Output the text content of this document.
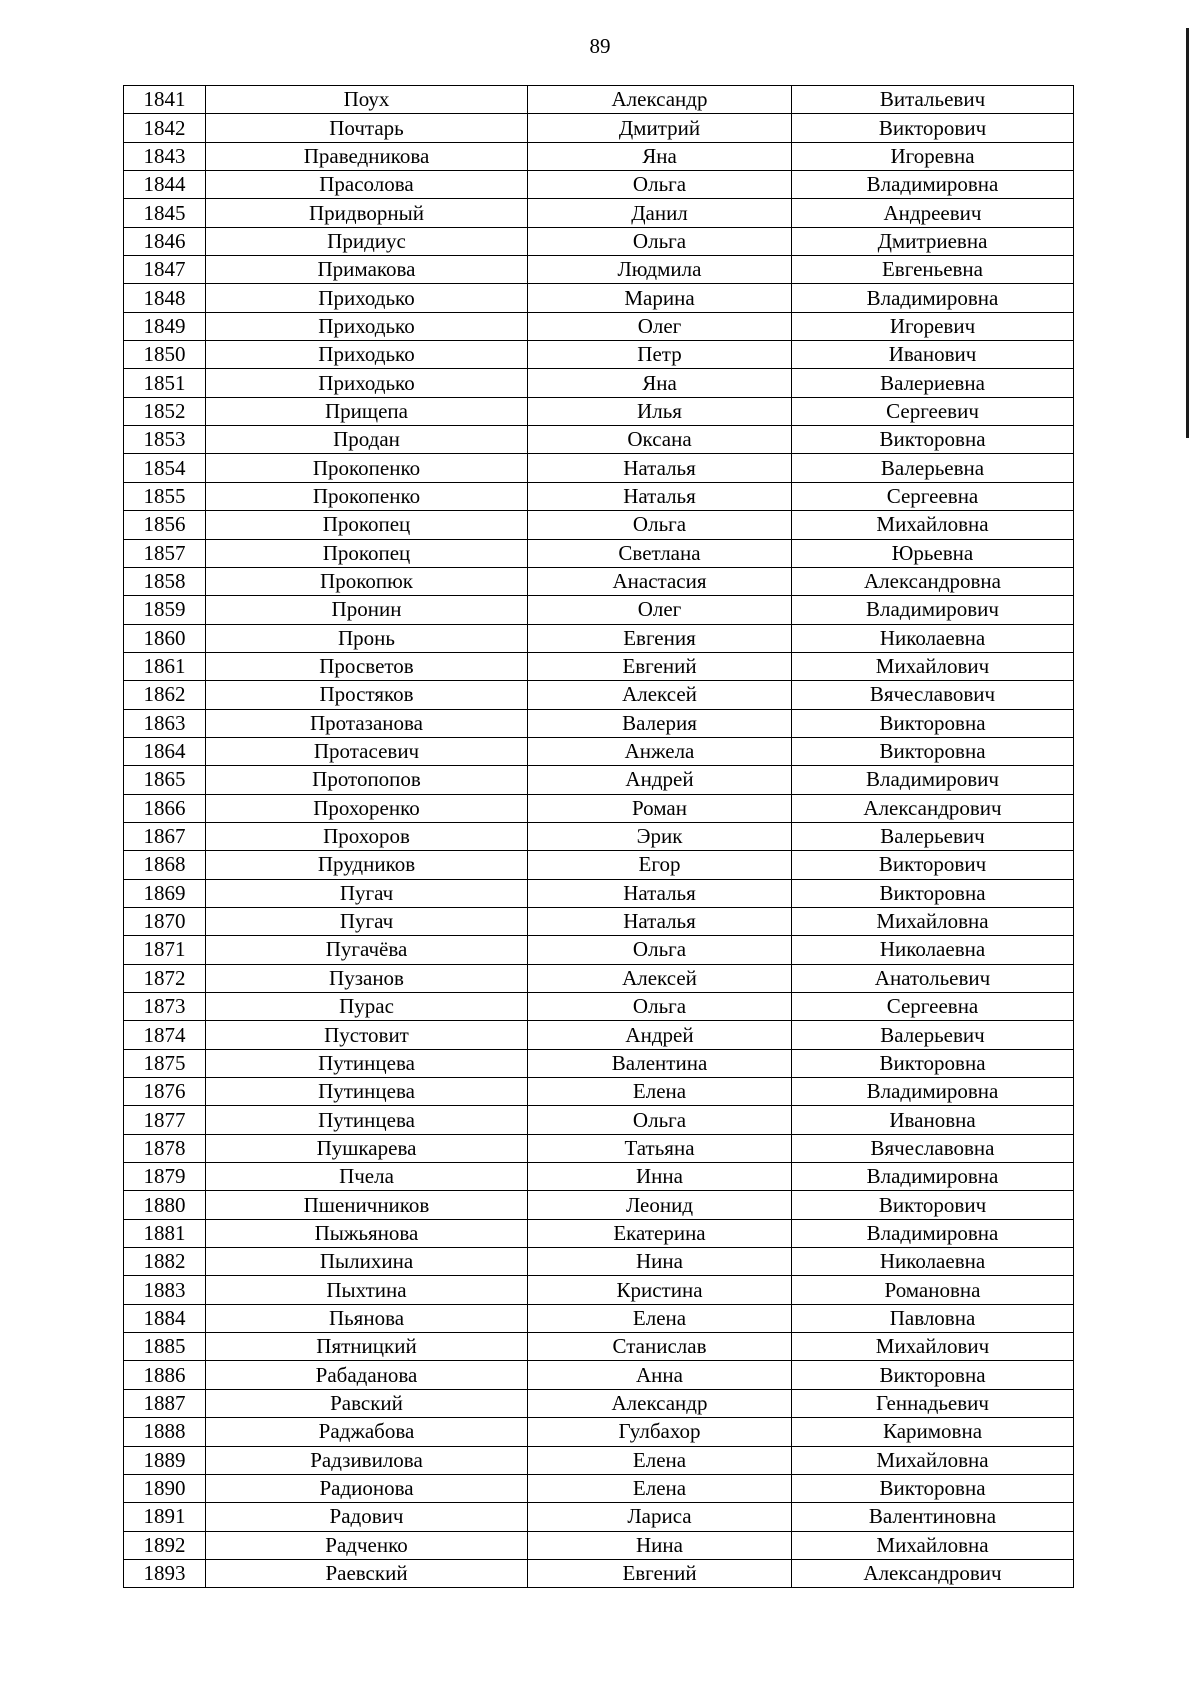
89
1841	Поух	Александр	Витальевич
1842	Почтарь	Дмитрий	Викторович
1843	Праведникова	Яна	Игоревна
1844	Прасолова	Ольга	Владимировна
1845	Придворный	Данил	Андреевич
1846	Придиус	Ольга	Дмитриевна
1847	Примакова	Людмила	Евгеньевна
1848	Приходько	Марина	Владимировна
1849	Приходько	Олег	Игоревич
1850	Приходько	Петр	Иванович
1851	Приходько	Яна	Валериевна
1852	Прищепа	Илья	Сергеевич
1853	Продан	Оксана	Викторовна
1854	Прокопенко	Наталья	Валерьевна
1855	Прокопенко	Наталья	Сергеевна
1856	Прокопец	Ольга	Михайловна
1857	Прокопец	Светлана	Юрьевна
1858	Прокопюк	Анастасия	Александровна
1859	Пронин	Олег	Владимирович
1860	Пронь	Евгения	Николаевна
1861	Просветов	Евгений	Михайлович
1862	Простяков	Алексей	Вячеславович
1863	Протазанова	Валерия	Викторовна
1864	Протасевич	Анжела	Викторовна
1865	Протопопов	Андрей	Владимирович
1866	Прохоренко	Роман	Александрович
1867	Прохоров	Эрик	Валерьевич
1868	Прудников	Егор	Викторович
1869	Пугач	Наталья	Викторовна
1870	Пугач	Наталья	Михайловна
1871	Пугачёва	Ольга	Николаевна
1872	Пузанов	Алексей	Анатольевич
1873	Пурас	Ольга	Сергеевна
1874	Пустовит	Андрей	Валерьевич
1875	Путинцева	Валентина	Викторовна
1876	Путинцева	Елена	Владимировна
1877	Путинцева	Ольга	Ивановна
1878	Пушкарева	Татьяна	Вячеславовна
1879	Пчела	Инна	Владимировна
1880	Пшеничников	Леонид	Викторович
1881	Пыжьянова	Екатерина	Владимировна
1882	Пылихина	Нина	Николаевна
1883	Пыхтина	Кристина	Романовна
1884	Пьянова	Елена	Павловна
1885	Пятницкий	Станислав	Михайлович
1886	Рабаданова	Анна	Викторовна
1887	Равский	Александр	Геннадьевич
1888	Раджабова	Гулбахор	Каримовна
1889	Радзивилова	Елена	Михайловна
1890	Радионова	Елена	Викторовна
1891	Радович	Лариса	Валентиновна
1892	Радченко	Нина	Михайловна
1893	Раевский	Евгений	Александрович
